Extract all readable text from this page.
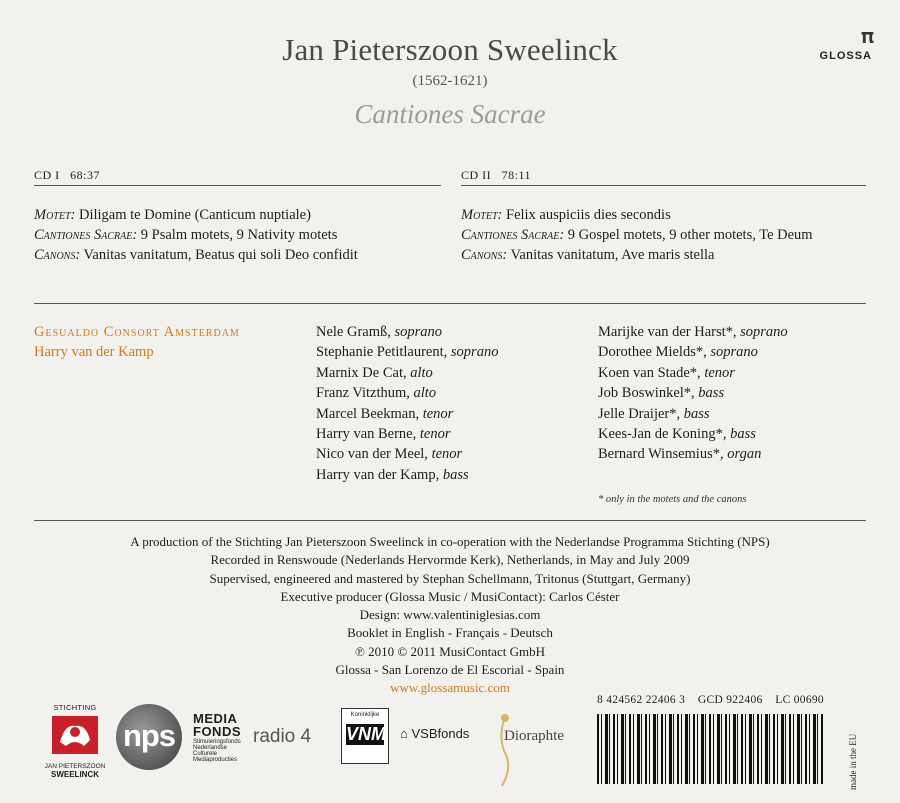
Jan Pieterszoon Sweelinck
(1562-1621)
Cantiones Sacrae
𝛑
GLOSSA
CD I 68:37	CD II 78:11
Motet: Diligam te Domine (Canticum nuptiale)
Cantiones Sacrae: 9 Psalm motets, 9 Nativity motets
Canons: Vanitas vanitatum, Beatus qui soli Deo confidit
Motet: Felix auspiciis dies secondis
Cantiones Sacrae: 9 Gospel motets, 9 other motets, Te Deum
Canons: Vanitas vanitatum, Ave maris stella
Gesualdo Consort Amsterdam
Harry van der Kamp
Nele Gramß, soprano
Stephanie Petitlaurent, soprano
Marnix De Cat, alto
Franz Vitzthum, alto
Marcel Beekman, tenor
Harry van Berne, tenor
Nico van der Meel, tenor
Harry van der Kamp, bass
Marijke van der Harst*, soprano
Dorothee Mields*, soprano
Koen van Stade*, tenor
Job Boswinkel*, bass
Jelle Draijer*, bass
Kees-Jan de Koning*, bass
Bernard Winsemius*, organ
* only in the motets and the canons
A production of the Stichting Jan Pieterszoon Sweelinck in co-operation with the Nederlandse Programma Stichting (NPS)
Recorded in Renswoude (Nederlands Hervormde Kerk), Netherlands, in May and July 2009
Supervised, engineered and mastered by Stephan Schellmann, Tritonus (Stuttgart, Germany)
Executive producer (Glossa Music / MusiContact): Carlos Céster
Design: www.valentiniglesias.com
Booklet in English - Français - Deutsch
℗ 2010 © 2011 MusiContact GmbH
Glossa - San Lorenzo de El Escorial - Spain
www.glossamusic.com
STICHTING
JAN PIETERSZOON
SWEELINCK
nps	MEDIA
FONDS
Stimuleringsfonds
Nederlandse
Culturele
Mediaproducties
radio 4
Koninklijke
VNM ⌂ VSBfonds Dioraphte
8 424562 22406 3 GCD 922406 LC 00690
made in the EU
